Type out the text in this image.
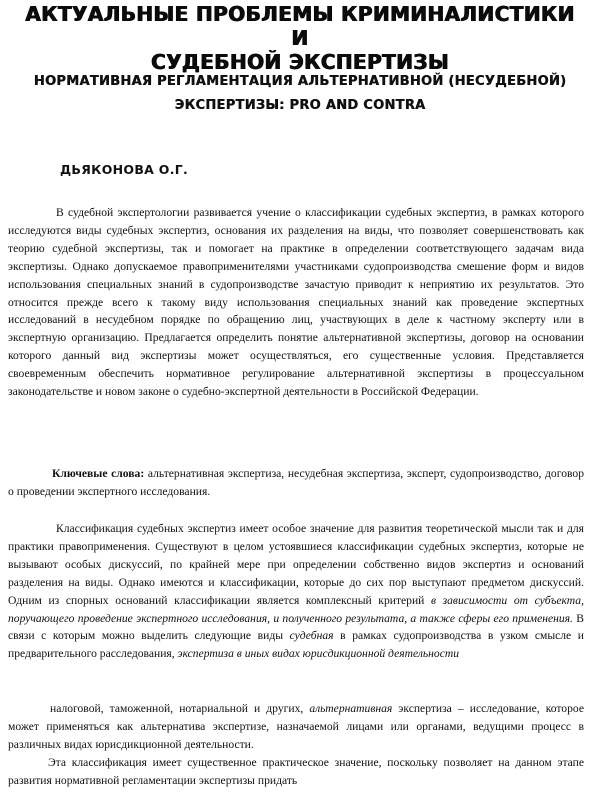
АКТУАЛЬНЫЕ ПРОБЛЕМЫ КРИМИНАЛИСТИКИ И
СУДЕБНОЙ ЭКСПЕРТИЗЫ
НОРМАТИВНАЯ РЕГЛАМЕНТАЦИЯ АЛЬТЕРНАТИВНОЙ (НЕСУДЕБНОЙ)
ЭКСПЕРТИЗЫ: PRO AND CONTRA
ДЬЯКОНОВА О.Г.

В судебной экспертологии развивается учение о классификации судебных экспертиз, в рамках которого исследуются виды судебных экспертиз, основания их разделения на виды, что позволяет совершенствовать как теорию судебной экспертизы, так и помогает на практике в определении соответствующего задачам вида экспертизы. Однако допускаемое правоприменителями участниками судопроизводства смешение форм и видов использования специальных знаний в судопроизводстве зачастую приводит к неприятию их результатов. Это относится прежде всего к такому виду использования специальных знаний как проведение экспертных исследований в несудебном порядке по обращению лиц, участвующих в деле к частному эксперту или в экспертную организацию. Предлагается определить понятие альтернативной экспертизы, договор на основании которого данный вид экспертизы может осуществляться, его существенные условия. Представляется своевременным обеспечить нормативное регулирование альтернативной экспертизы в процессуальном законодательстве и новом законе о судебно-экспертной деятельности в Российской Федерации.

Ключевые слова: альтернативная экспертиза, несудебная экспертиза, эксперт, судопроизводство, договор о проведении экспертного исследования.

Классификация судебных экспертиз имеет особое значение для развития теоретической мысли так и для практики правоприменения. Существуют в целом устоявшиеся классификации судебных экспертиз, которые не вызывают особых дискуссий, по крайней мере при определении собственно видов экспертиз и оснований разделения на виды. Однако имеются и классификации, которые до сих пор выступают предметом дискуссий. Одним из спорных оснований классификации является комплексный критерий в зависимости от субъекта, поручающего проведение экспертного исследования, и полученного результата, а также сферы его применения. В связи с которым можно выделить следующие виды судебная в рамках судопроизводства в узком смысле и предварительного расследования, экспертиза в иных видах юрисдикционной деятельности

налоговой, таможенной, нотариальной и других, альтернативная экспертиза – исследование, которое может применяться как альтернатива экспертизе, назначаемой лицами или органами, ведущими процесс в различных видах юрисдикционной деятельности.
Эта классификация имеет существенное практическое значение, поскольку позволяет на данном этапе развития нормативной регламентации экспертизы придать
